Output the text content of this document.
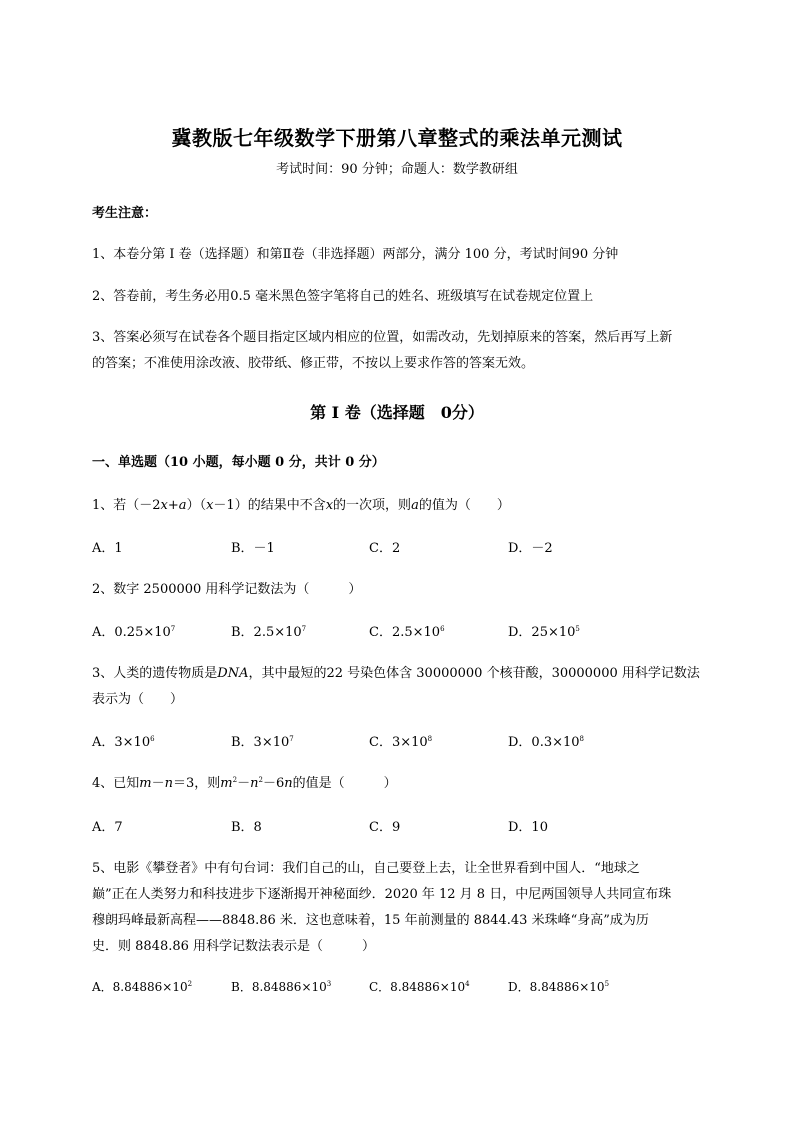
冀教版七年级数学下册第八章整式的乘法单元测试
考试时间：90 分钟；命题人：数学教研组
考生注意：
1、本卷分第 I 卷（选择题）和第Ⅱ卷（非选择题）两部分，满分 100 分，考试时间90 分钟
2、答卷前，考生务必用0.5 毫米黑色签字笔将自己的姓名、班级填写在试卷规定位置上
3、答案必须写在试卷各个题目指定区域内相应的位置，如需改动，先划掉原来的答案，然后再写上新
的答案；不准使用涂改液、胶带纸、修正带，不按以上要求作答的答案无效。
第 I 卷（选择题　0分）
一、单选题（10 小题，每小题 0 分，共计 0 分）
1、若（－2x+a）（x－1）的结果中不含x的一次项，则a的值为（　　）
A．1	B．－1	C．2	D．－2
2、数字 2500000 用科学记数法为（　　　）
A．$0.25\times 10^7$	B．$2.5\times 10^7$	C．$2.5\times 10^6$	D．$25\times 10^5$
3、人类的遗传物质是DNA，其中最短的22 号染色体含 30000000 个核苷酸，30000000 用科学记数法
表示为（　　）
A．$3\times 10^6$	B．$3\times 10^7$	C．$3\times 10^8$	D．$0.3\times 10^8$
4、已知m－n＝3，则$m^2-n^2-6n$的值是（　　　）
A．7	B．8	C．9	D．10
5、电影《攀登者》中有句台词：我们自己的山，自己要登上去，让全世界看到中国人．“地球之
巅”正在人类努力和科技进步下逐渐揭开神秘面纱．2020 年 12 月 8 日，中尼两国领导人共同宣布珠
穆朗玛峰最新高程——8848.86 米．这也意味着，15 年前测量的 8844.43 米珠峰“身高”成为历
史．则 8848.86 用科学记数法表示是（　　　）
A．$8.84886\times 10^2$	B．$8.84886\times 10^3$	C．$8.84886\times 10^4$	D．$8.84886\times 10^5$
